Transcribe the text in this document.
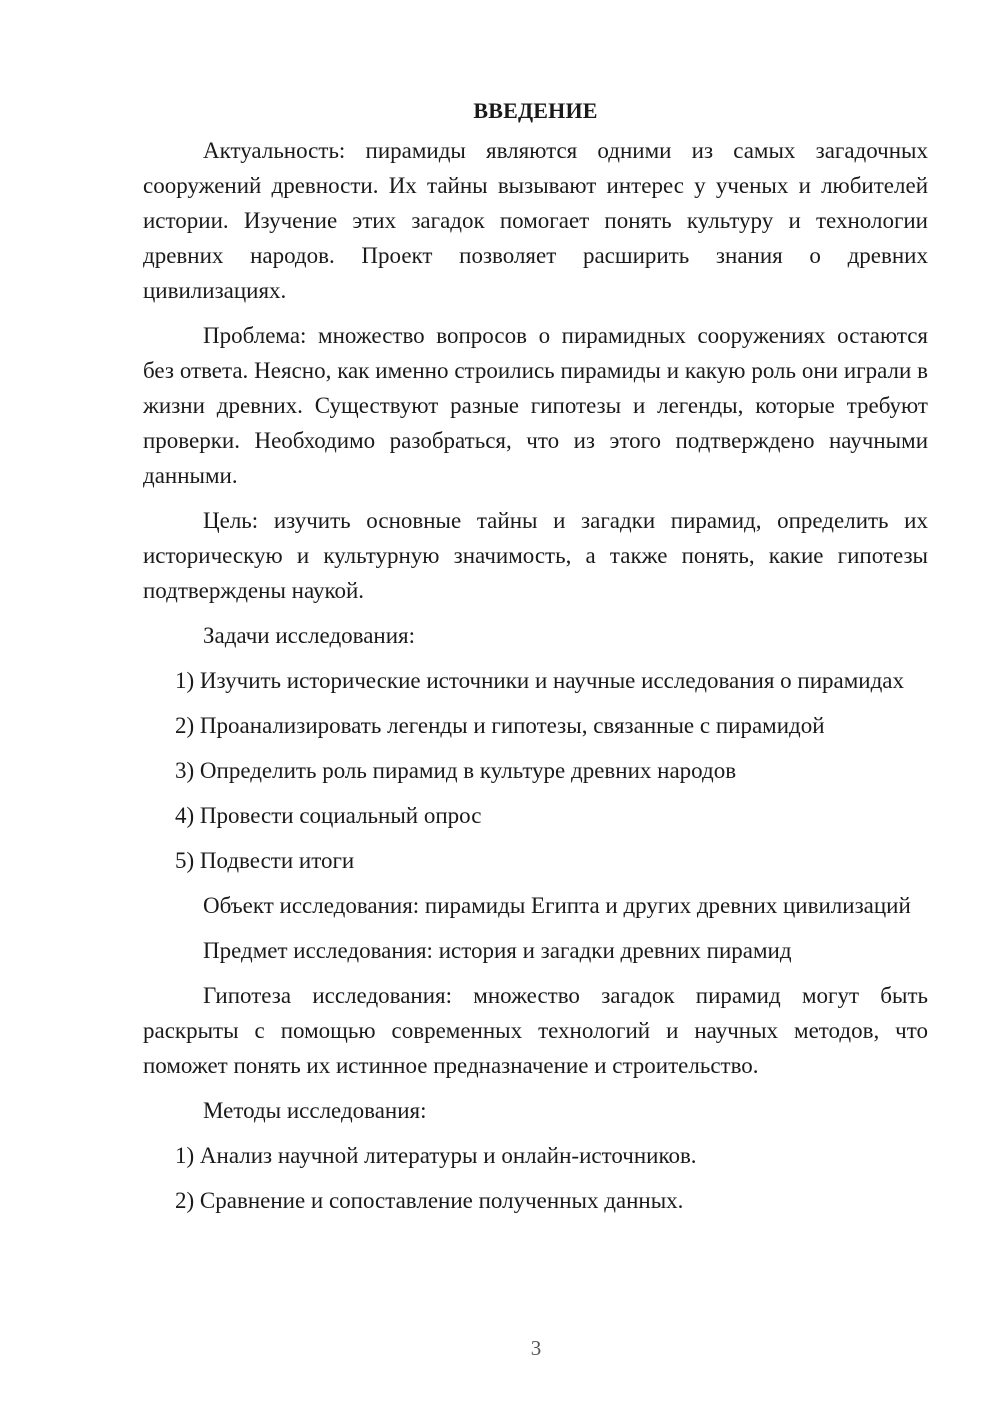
ВВЕДЕНИЕ

Актуальность: пирамиды являются одними из самых загадочных сооружений древности. Их тайны вызывают интерес у ученых и любителей истории. Изучение этих загадок помогает понять культуру и технологии древних народов. Проект позволяет расширить знания о древних цивилизациях.

Проблема: множество вопросов о пирамидных сооружениях остаются без ответа. Неясно, как именно строились пирамиды и какую роль они играли в жизни древних. Существуют разные гипотезы и легенды, которые требуют проверки. Необходимо разобраться, что из этого подтверждено научными данными.

Цель: изучить основные тайны и загадки пирамид, определить их историческую и культурную значимость, а также понять, какие гипотезы подтверждены наукой.

Задачи исследования:

1) Изучить исторические источники и научные исследования о пирамидах

2) Проанализировать легенды и гипотезы, связанные с пирамидой

3) Определить роль пирамид в культуре древних народов

4) Провести социальный опрос

5) Подвести итоги

Объект исследования: пирамиды Египта и других древних цивилизаций

Предмет исследования: история и загадки древних пирамид

Гипотеза исследования: множество загадок пирамид могут быть раскрыты с помощью современных технологий и научных методов, что поможет понять их истинное предназначение и строительство.

Методы исследования:

1) Анализ научной литературы и онлайн-источников.

2) Сравнение и сопоставление полученных данных.

3
